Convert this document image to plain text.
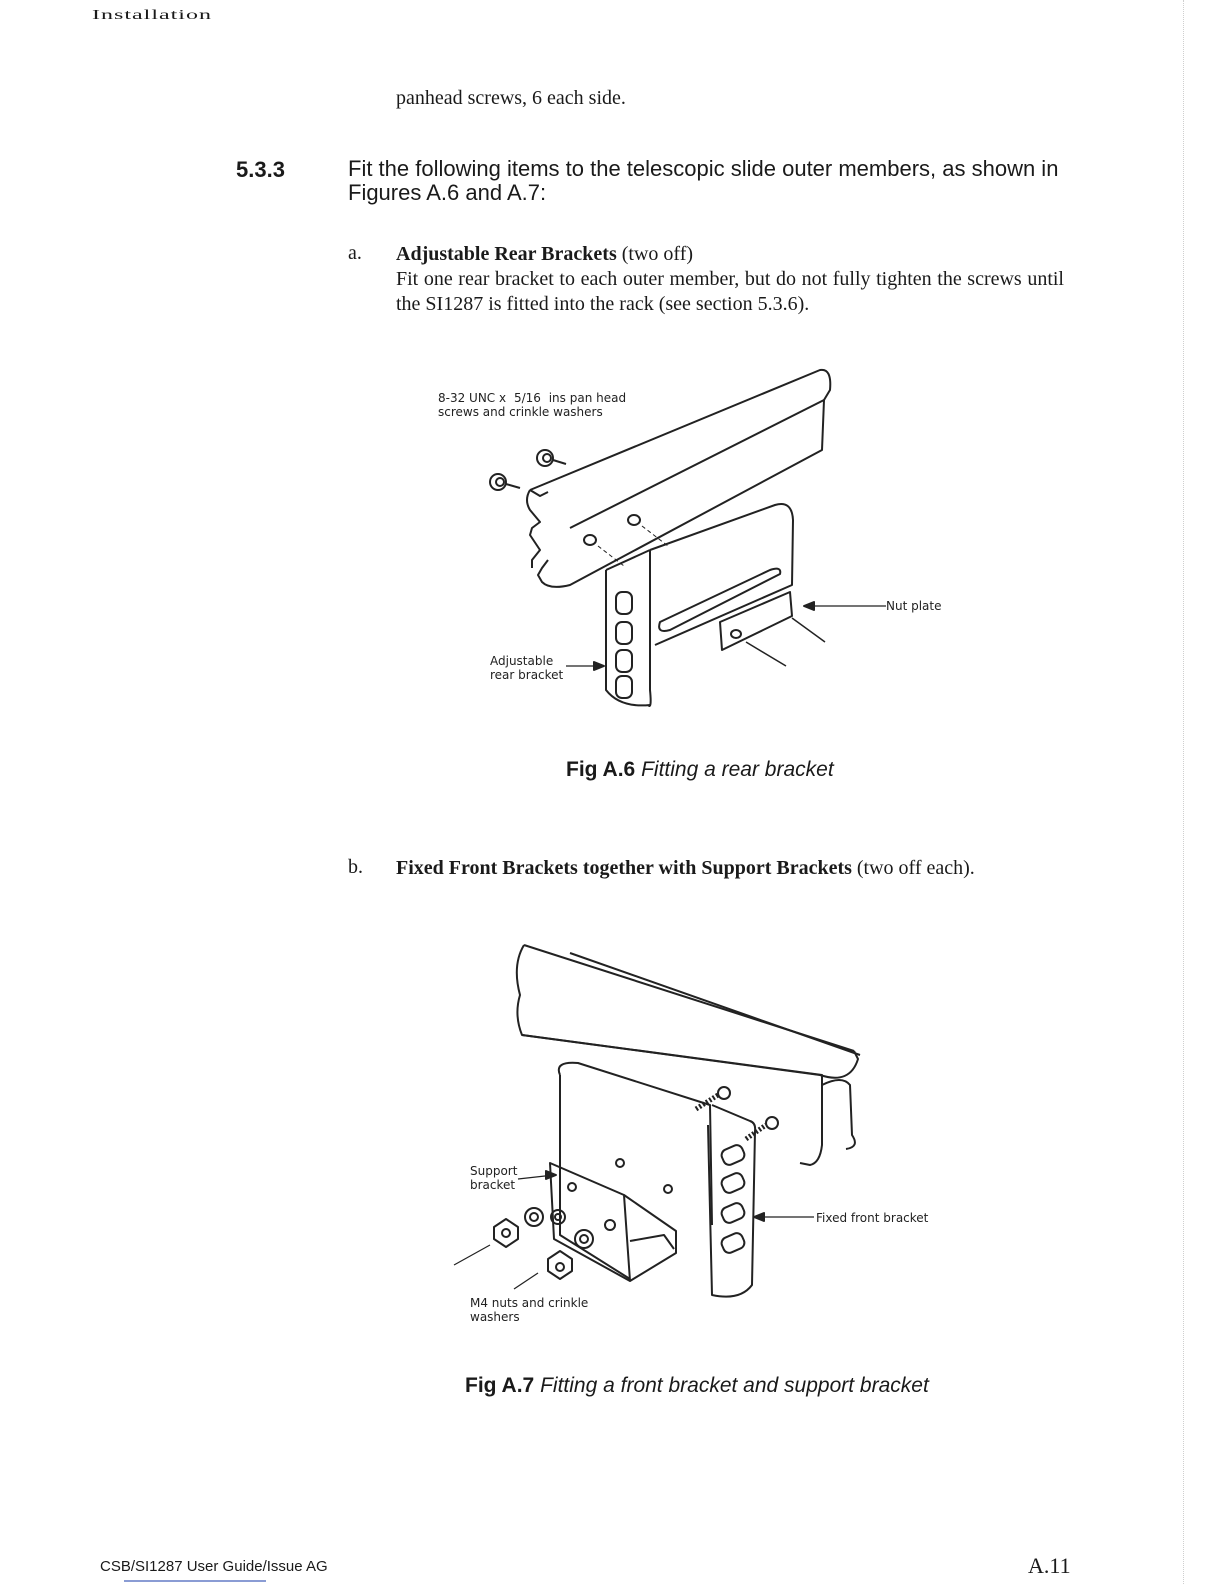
Installation
panhead screws, 6 each side.
5.3.3	Fit the following items to the telescopic slide outer members, as shown in Figures A.6 and A.7:
a. Adjustable Rear Brackets (two off)
Fit one rear bracket to each outer member, but do not fully tighten the screws until the SI1287 is fitted into the rack (see section 5.3.6).
8-32 UNC x 5/16 ins pan head
screws and crinkle washers
Nut plate
Adjustable
rear bracket
Fig A.6 Fitting a rear bracket
b. Fixed Front Brackets together with Support Brackets (two off each).
Support
bracket
Fixed front bracket
M4 nuts and crinkle
washers
Fig A.7 Fitting a front bracket and support bracket
CSB/SI1287 User Guide/Issue AG	A.11
